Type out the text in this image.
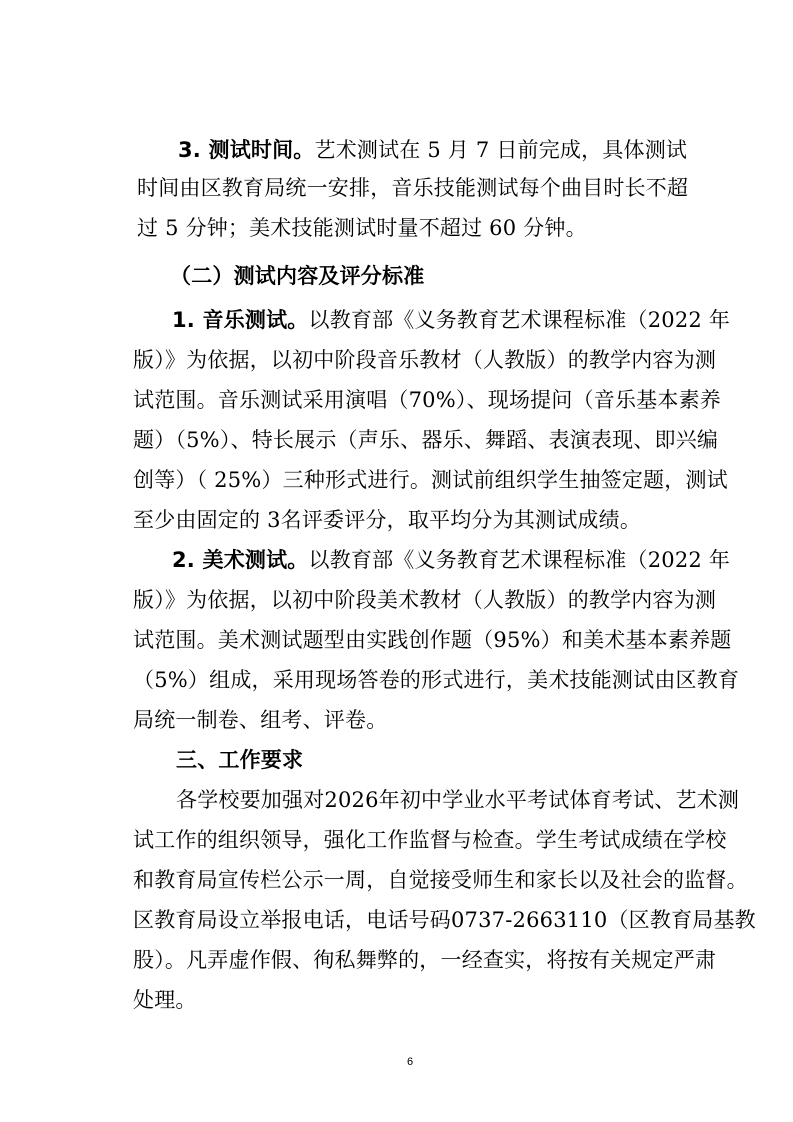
3. 测试时间。艺术测试在 5 月 7 日前完成，具体测试
时间由区教育局统一安排，音乐技能测试每个曲目时长不超
过 5 分钟；美术技能测试时量不超过 60 分钟。
（二）测试内容及评分标准
1. 音乐测试。以教育部《义务教育艺术课程标准（2022 年
版）》为依据，以初中阶段音乐教材（人教版）的教学内容为测
试范围。音乐测试采用演唱（70%）、现场提问（音乐基本素养
题）（5%）、特长展示（声乐、器乐、舞蹈、表演表现、即兴编
创等）（ 25%）三种形式进行。测试前组织学生抽签定题，测试
至少由固定的 3名评委评分，取平均分为其测试成绩。
2. 美术测试。以教育部《义务教育艺术课程标准（2022 年
版）》为依据，以初中阶段美术教材（人教版）的教学内容为测
试范围。美术测试题型由实践创作题（95%）和美术基本素养题
（5%）组成，采用现场答卷的形式进行，美术技能测试由区教育
局统一制卷、组考、评卷。
三、工作要求
各学校要加强对2026年初中学业水平考试体育考试、艺术测
试工作的组织领导，强化工作监督与检查。学生考试成绩在学校
和教育局宣传栏公示一周，自觉接受师生和家长以及社会的监督。
区教育局设立举报电话，电话号码0737-2663110（区教育局基教
股）。凡弄虚作假、徇私舞弊的，一经查实，将按有关规定严肃
处理。
6
